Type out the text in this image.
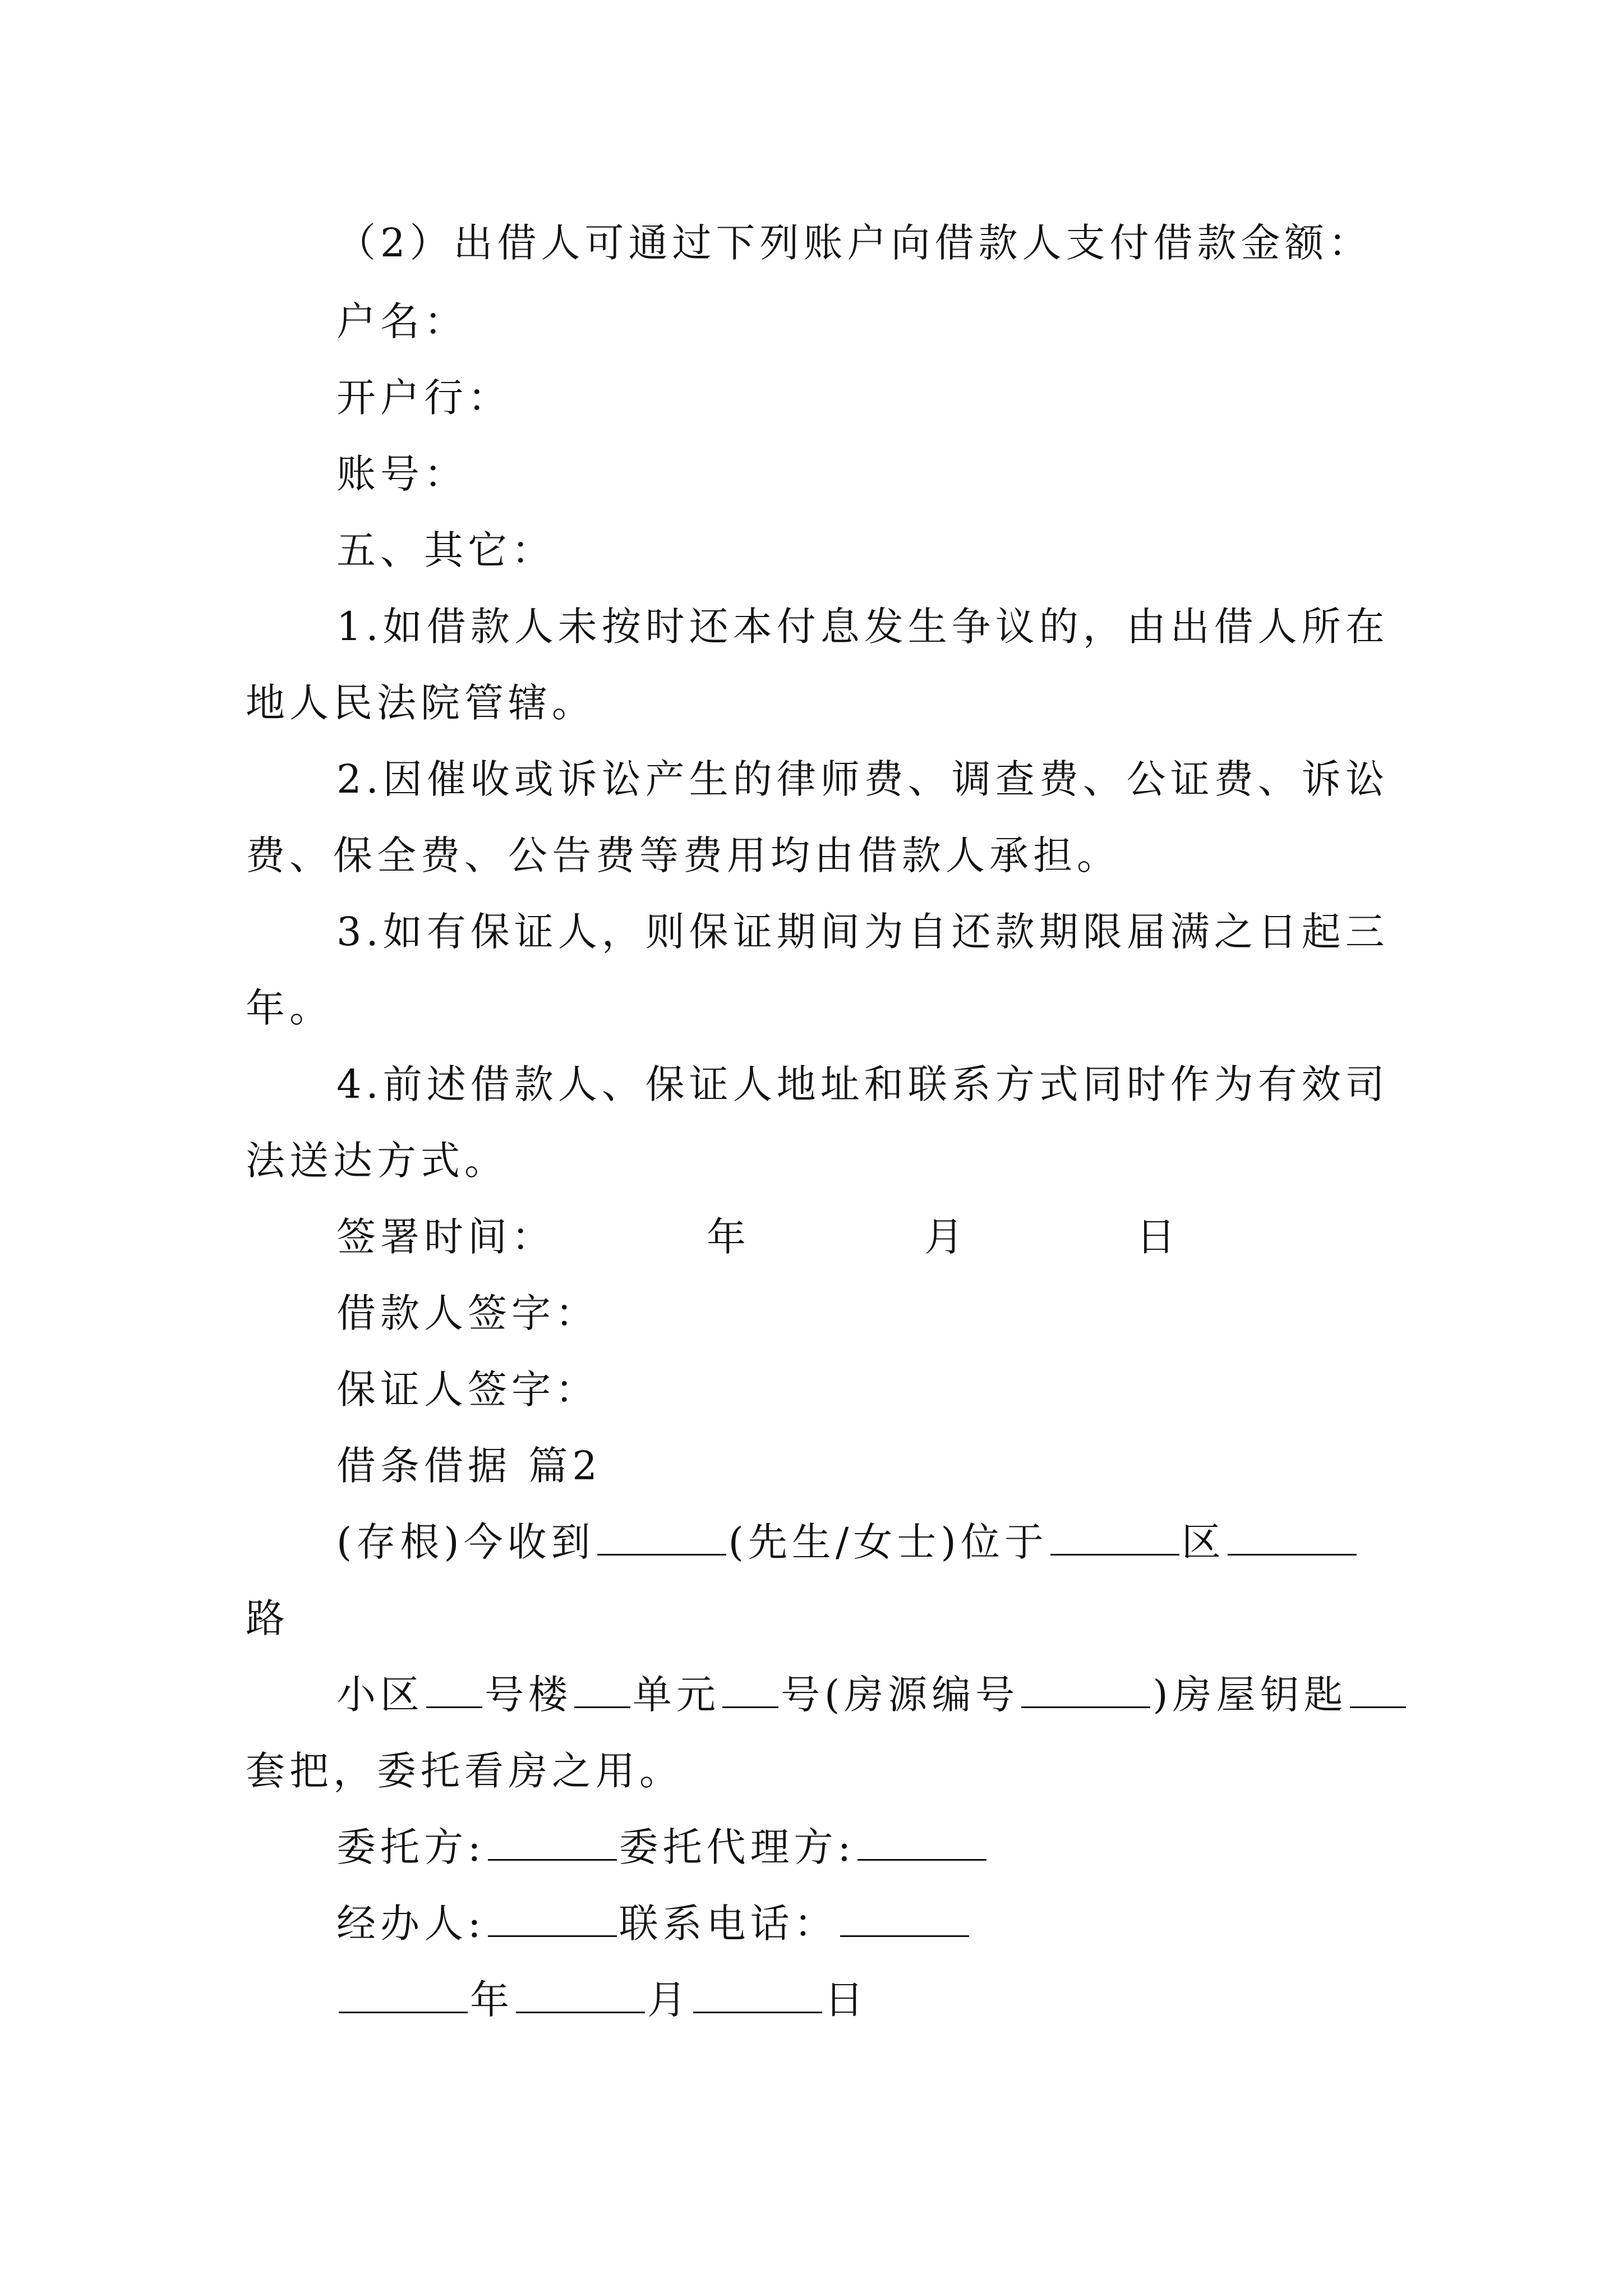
（2）出借人可通过下列账户向借款人支付借款金额：
户名：
开户行：
账号：
五、其它：
1.如借款人未按时还本付息发生争议的，由出借人所在
地人民法院管辖。
2.因催收或诉讼产生的律师费、调查费、公证费、诉讼
费、保全费、公告费等费用均由借款人承担。
3.如有保证人，则保证期间为自还款期限届满之日起三
年。
4.前述借款人、保证人地址和联系方式同时作为有效司
法送达方式。
签署时间：	年	月	日
借款人签字：
保证人签字：
借条借据 篇2
(存根)今收到	(先生/女士)位于	区
路
小区 号楼 单元 号(房源编号	)房屋钥匙
套把，委托看房之用。
委托方:	委托代理方:
经办人:	联系电话：
年	月	日
